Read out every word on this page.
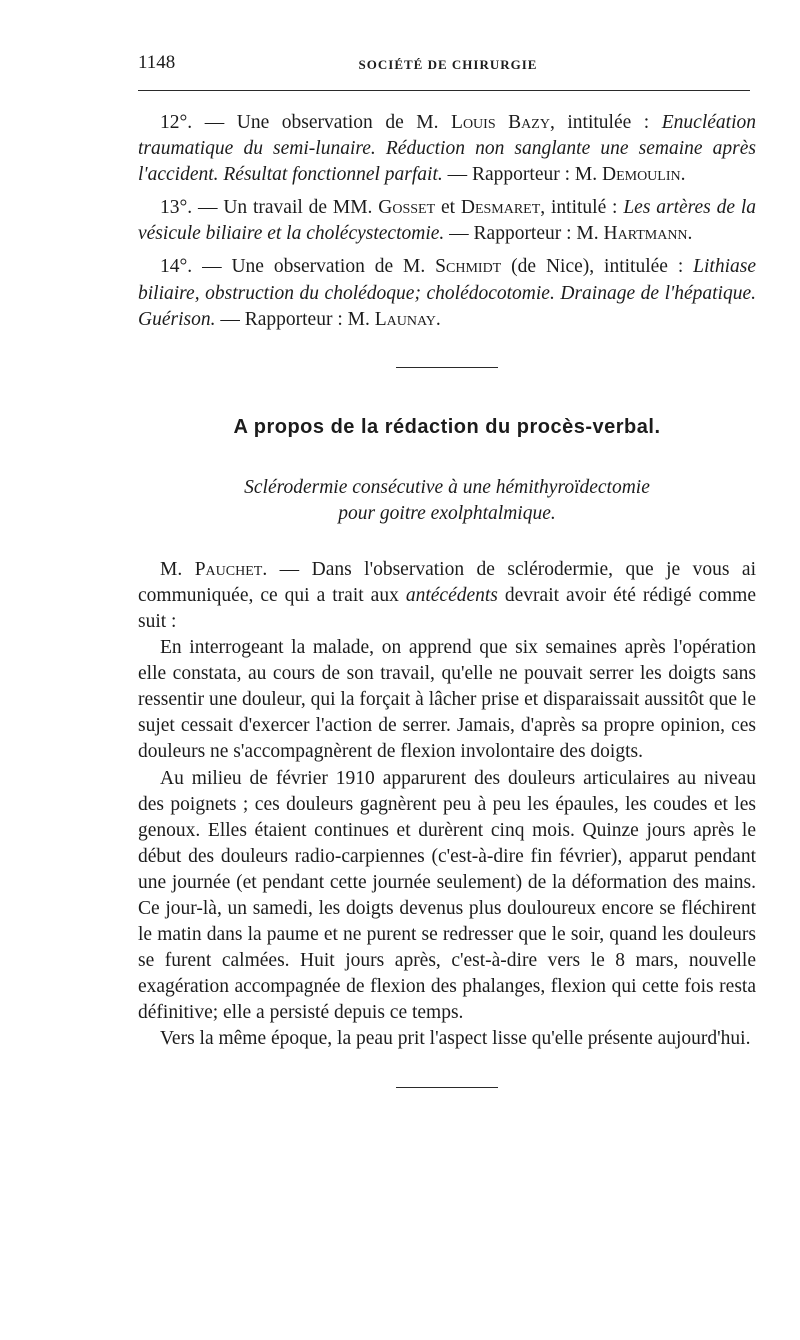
1148	SOCIÉTÉ DE CHIRURGIE

12°. — Une observation de M. Louis Bazy, intitulée : Enucléation traumatique du semi-lunaire. Réduction non sanglante une semaine après l'accident. Résultat fonctionnel parfait. — Rapporteur : M. Demoulin.

13°. — Un travail de MM. Gosset et Desmaret, intitulé : Les artères de la vésicule biliaire et la cholécystectomie. — Rapporteur : M. Hartmann.

14°. — Une observation de M. Schmidt (de Nice), intitulée : Lithiase biliaire, obstruction du cholédoque; cholédocotomie. Drainage de l'hépatique. Guérison. — Rapporteur : M. Launay.

A propos de la rédaction du procès-verbal.
Sclérodermie consécutive à une hémithyroïdectomie
pour goitre exolphtalmique.

M. Pauchet. — Dans l'observation de sclérodermie, que je vous ai communiquée, ce qui a trait aux antécédents devrait avoir été rédigé comme suit :

En interrogeant la malade, on apprend que six semaines après l'opération elle constata, au cours de son travail, qu'elle ne pouvait serrer les doigts sans ressentir une douleur, qui la forçait à lâcher prise et disparaissait aussitôt que le sujet cessait d'exercer l'action de serrer. Jamais, d'après sa propre opinion, ces douleurs ne s'accompagnèrent de flexion involontaire des doigts.

Au milieu de février 1910 apparurent des douleurs articulaires au niveau des poignets ; ces douleurs gagnèrent peu à peu les épaules, les coudes et les genoux. Elles étaient continues et durèrent cinq mois. Quinze jours après le début des douleurs radio-carpiennes (c'est-à-dire fin février), apparut pendant une journée (et pendant cette journée seulement) de la déformation des mains. Ce jour-là, un samedi, les doigts devenus plus douloureux encore se fléchirent le matin dans la paume et ne purent se redresser que le soir, quand les douleurs se furent calmées. Huit jours après, c'est-à-dire vers le 8 mars, nouvelle exagération accompagnée de flexion des phalanges, flexion qui cette fois resta définitive; elle a persisté depuis ce temps.

Vers la même époque, la peau prit l'aspect lisse qu'elle présente aujourd'hui.
